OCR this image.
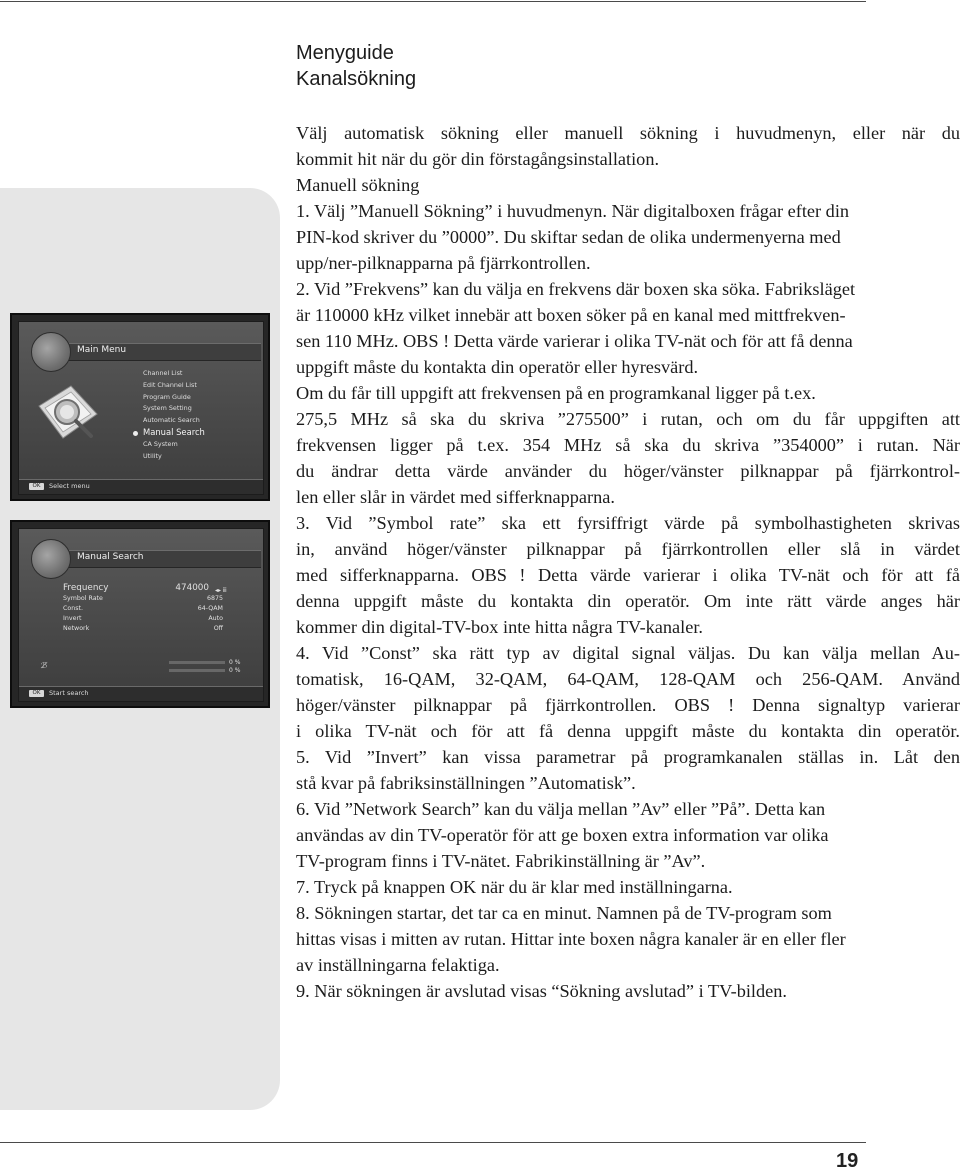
Menyguide
Kanalsökning
Main Menu
Channel List
Edit Channel List
Program Guide
System Setting
Automatic Search
Manual Search
CA System
Utility
OK	Select menu
Manual Search
Frequency	474000 ◂▸ ⅲ
Symbol Rate	6875
Const.	64-QAM
Invert	Auto
Network	Off
ℬ̸	0 %
0 %
OK	Start search
Välj automatisk sökning eller manuell sökning i huvudmenyn, eller när du
kommit hit när du gör din förstagångsinstallation.
Manuell sökning
1. Välj ”Manuell Sökning” i huvudmenyn. När digitalboxen frågar efter din
PIN-kod skriver du ”0000”. Du skiftar sedan de olika undermenyerna med
upp/ner-pilknapparna på fjärrkontrollen.
2. Vid ”Frekvens” kan du välja en frekvens där boxen ska söka. Fabriksläget
är 110000 kHz vilket innebär att boxen söker på en kanal med mittfrekven-
sen 110 MHz. OBS ! Detta värde varierar i olika TV-nät och för att få denna
uppgift måste du kontakta din operatör eller hyresvärd.
Om du får till uppgift att frekvensen på en programkanal ligger på t.ex.
275,5 MHz så ska du skriva ”275500” i rutan, och om du får uppgiften att
frekvensen ligger på t.ex. 354 MHz så ska du skriva ”354000” i rutan. När
du ändrar detta värde använder du höger/vänster pilknappar på fjärrkontrol-
len eller slår in värdet med sifferknapparna.
3. Vid ”Symbol rate” ska ett fyrsiffrigt värde på symbolhastigheten skrivas
in, använd höger/vänster pilknappar på fjärrkontrollen eller slå in värdet
med sifferknapparna. OBS ! Detta värde varierar i olika TV-nät och för att få
denna uppgift måste du kontakta din operatör. Om inte rätt värde anges här
kommer din digital-TV-box inte hitta några TV-kanaler.
4. Vid ”Const” ska rätt typ av digital signal väljas. Du kan välja mellan Au-
tomatisk, 16-QAM, 32-QAM, 64-QAM, 128-QAM och 256-QAM. Använd
höger/vänster pilknappar på fjärrkontrollen. OBS ! Denna signaltyp varierar
i olika TV-nät och för att få denna uppgift måste du kontakta din operatör.
5. Vid ”Invert” kan vissa parametrar på programkanalen ställas in. Låt den
stå kvar på fabriksinställningen ”Automatisk”.
6. Vid ”Network Search” kan du välja mellan ”Av” eller ”På”. Detta kan
användas av din TV-operatör för att ge boxen extra information var olika
TV-program finns i TV-nätet. Fabrikinställning är ”Av”.
7. Tryck på knappen OK när du är klar med inställningarna.
8. Sökningen startar, det tar ca en minut. Namnen på de TV-program som
hittas visas i mitten av rutan. Hittar inte boxen några kanaler är en eller fler
av inställningarna felaktiga.
9. När sökningen är avslutad visas “Sökning avslutad” i TV-bilden.
19
